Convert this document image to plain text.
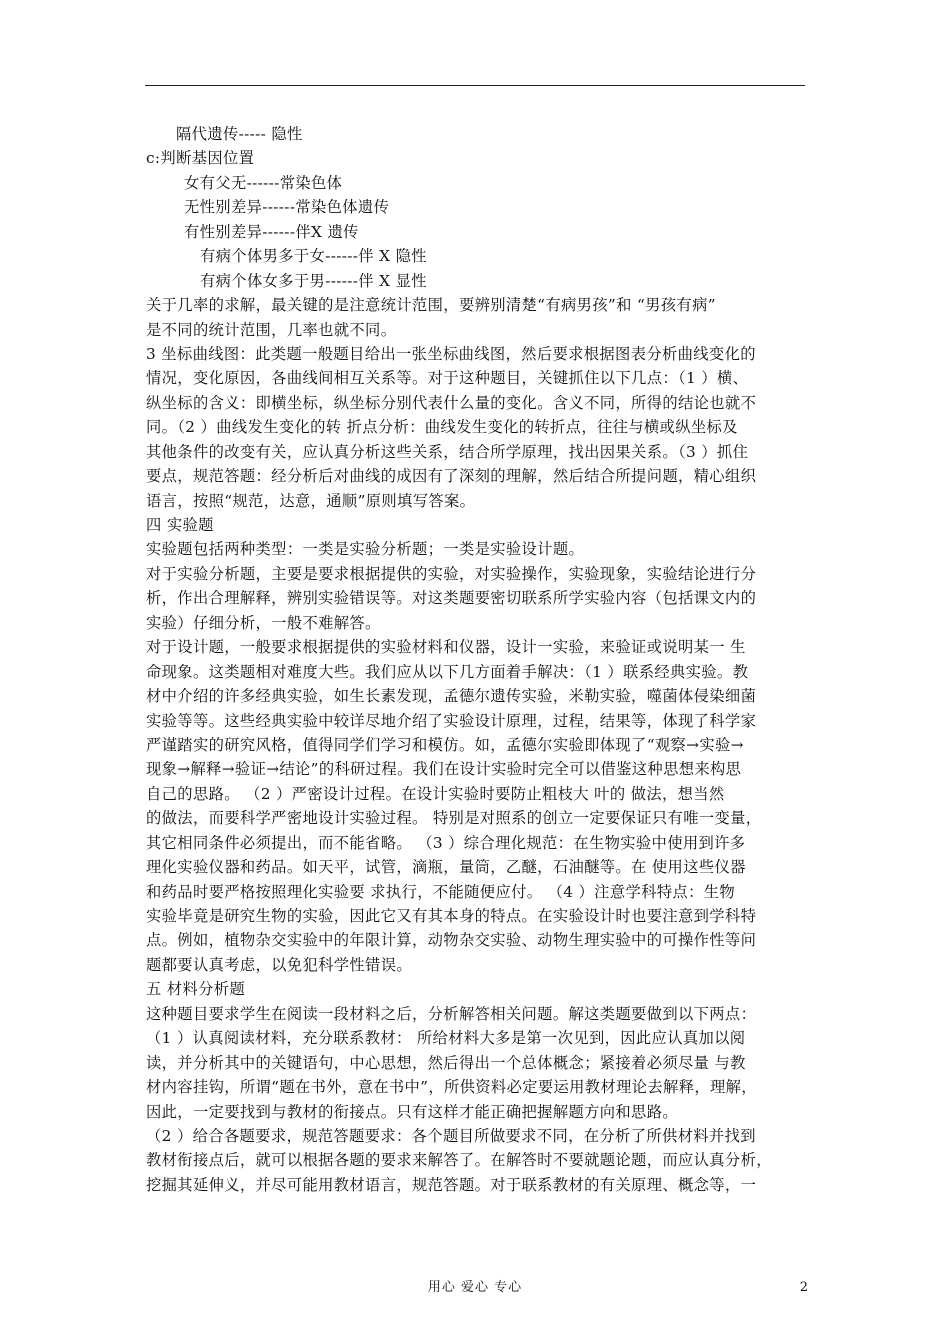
隔代遗传----- 隐性
c:判断基因位置
女有父无------常染色体
无性别差异------常染色体遗传
有性别差异------伴X 遗传
有病个体男多于女------伴 X 隐性
有病个体女多于男------伴 X 显性
关于几率的求解，最关键的是注意统计范围，要辨别清楚“有病男孩”和 “男孩有病”
是不同的统计范围，几率也就不同。
3 坐标曲线图：此类题一般题目给出一张坐标曲线图，然后要求根据图表分析曲线变化的
情况，变化原因，各曲线间相互关系等。对于这种题目，关键抓住以下几点：（1 ）横、
纵坐标的含义：即横坐标，纵坐标分别代表什么量的变化。含义不同，所得的结论也就不
同。（2 ）曲线发生变化的转 折点分析：曲线发生变化的转折点，往往与横或纵坐标及
其他条件的改变有关，应认真分析这些关系，结合所学原理，找出因果关系。（3 ）抓住
要点，规范答题：经分析后对曲线的成因有了深刻的理解，然后结合所提问题，精心组织
语言，按照“规范，达意，通顺”原则填写答案。
四 实验题
实验题包括两种类型：一类是实验分析题；一类是实验设计题。
对于实验分析题，主要是要求根据提供的实验，对实验操作，实验现象，实验结论进行分
析，作出合理解释，辨别实验错误等。对这类题要密切联系所学实验内容（包括课文内的
实验）仔细分析，一般不难解答。
对于设计题，一般要求根据提供的实验材料和仪器，设计一实验，来验证或说明某一 生
命现象。这类题相对难度大些。我们应从以下几方面着手解决：（1 ）联系经典实验。教
材中介绍的许多经典实验，如生长素发现，孟德尔遗传实验，米勒实验，噬菌体侵染细菌
实验等等。这些经典实验中较详尽地介绍了实验设计原理，过程，结果等，体现了科学家
严谨踏实的研究风格，值得同学们学习和模仿。如，孟德尔实验即体现了“观察→实验→
现象→解释→验证→结论”的科研过程。我们在设计实验时完全可以借鉴这种思想来构思
自己的思路。 （2 ）严密设计过程。在设计实验时要防止粗枝大 叶的 做法，想当然
的做法，而要科学严密地设计实验过程。 特别是对照系的创立一定要保证只有唯一变量，
其它相同条件必须提出，而不能省略。 （3 ）综合理化规范：在生物实验中使用到许多
理化实验仪器和药品。如天平，试管，滴瓶，量筒，乙醚，石油醚等。在 使用这些仪器
和药品时要严格按照理化实验要 求执行，不能随便应付。 （4 ）注意学科特点：生物
实验毕竟是研究生物的实验，因此它又有其本身的特点。在实验设计时也要注意到学科特
点。例如，植物杂交实验中的年限计算，动物杂交实验、动物生理实验中的可操作性等问
题都要认真考虑，以免犯科学性错误。
五 材料分析题
这种题目要求学生在阅读一段材料之后，分析解答相关问题。解这类题要做到以下两点：
（1 ）认真阅读材料，充分联系教材： 所给材料大多是第一次见到，因此应认真加以阅
读，并分析其中的关键语句，中心思想，然后得出一个总体概念；紧接着必须尽量 与教
材内容挂钩，所谓“题在书外，意在书中”，所供资料必定要运用教材理论去解释，理解，
因此，一定要找到与教材的衔接点。只有这样才能正确把握解题方向和思路。
（2 ）给合各题要求，规范答题要求：各个题目所做要求不同，在分析了所供材料并找到
教材衔接点后，就可以根据各题的要求来解答了。在解答时不要就题论题，而应认真分析，
挖掘其延伸义，并尽可能用教材语言，规范答题。对于联系教材的有关原理、概念等，一
用心 爱心 专心	2
